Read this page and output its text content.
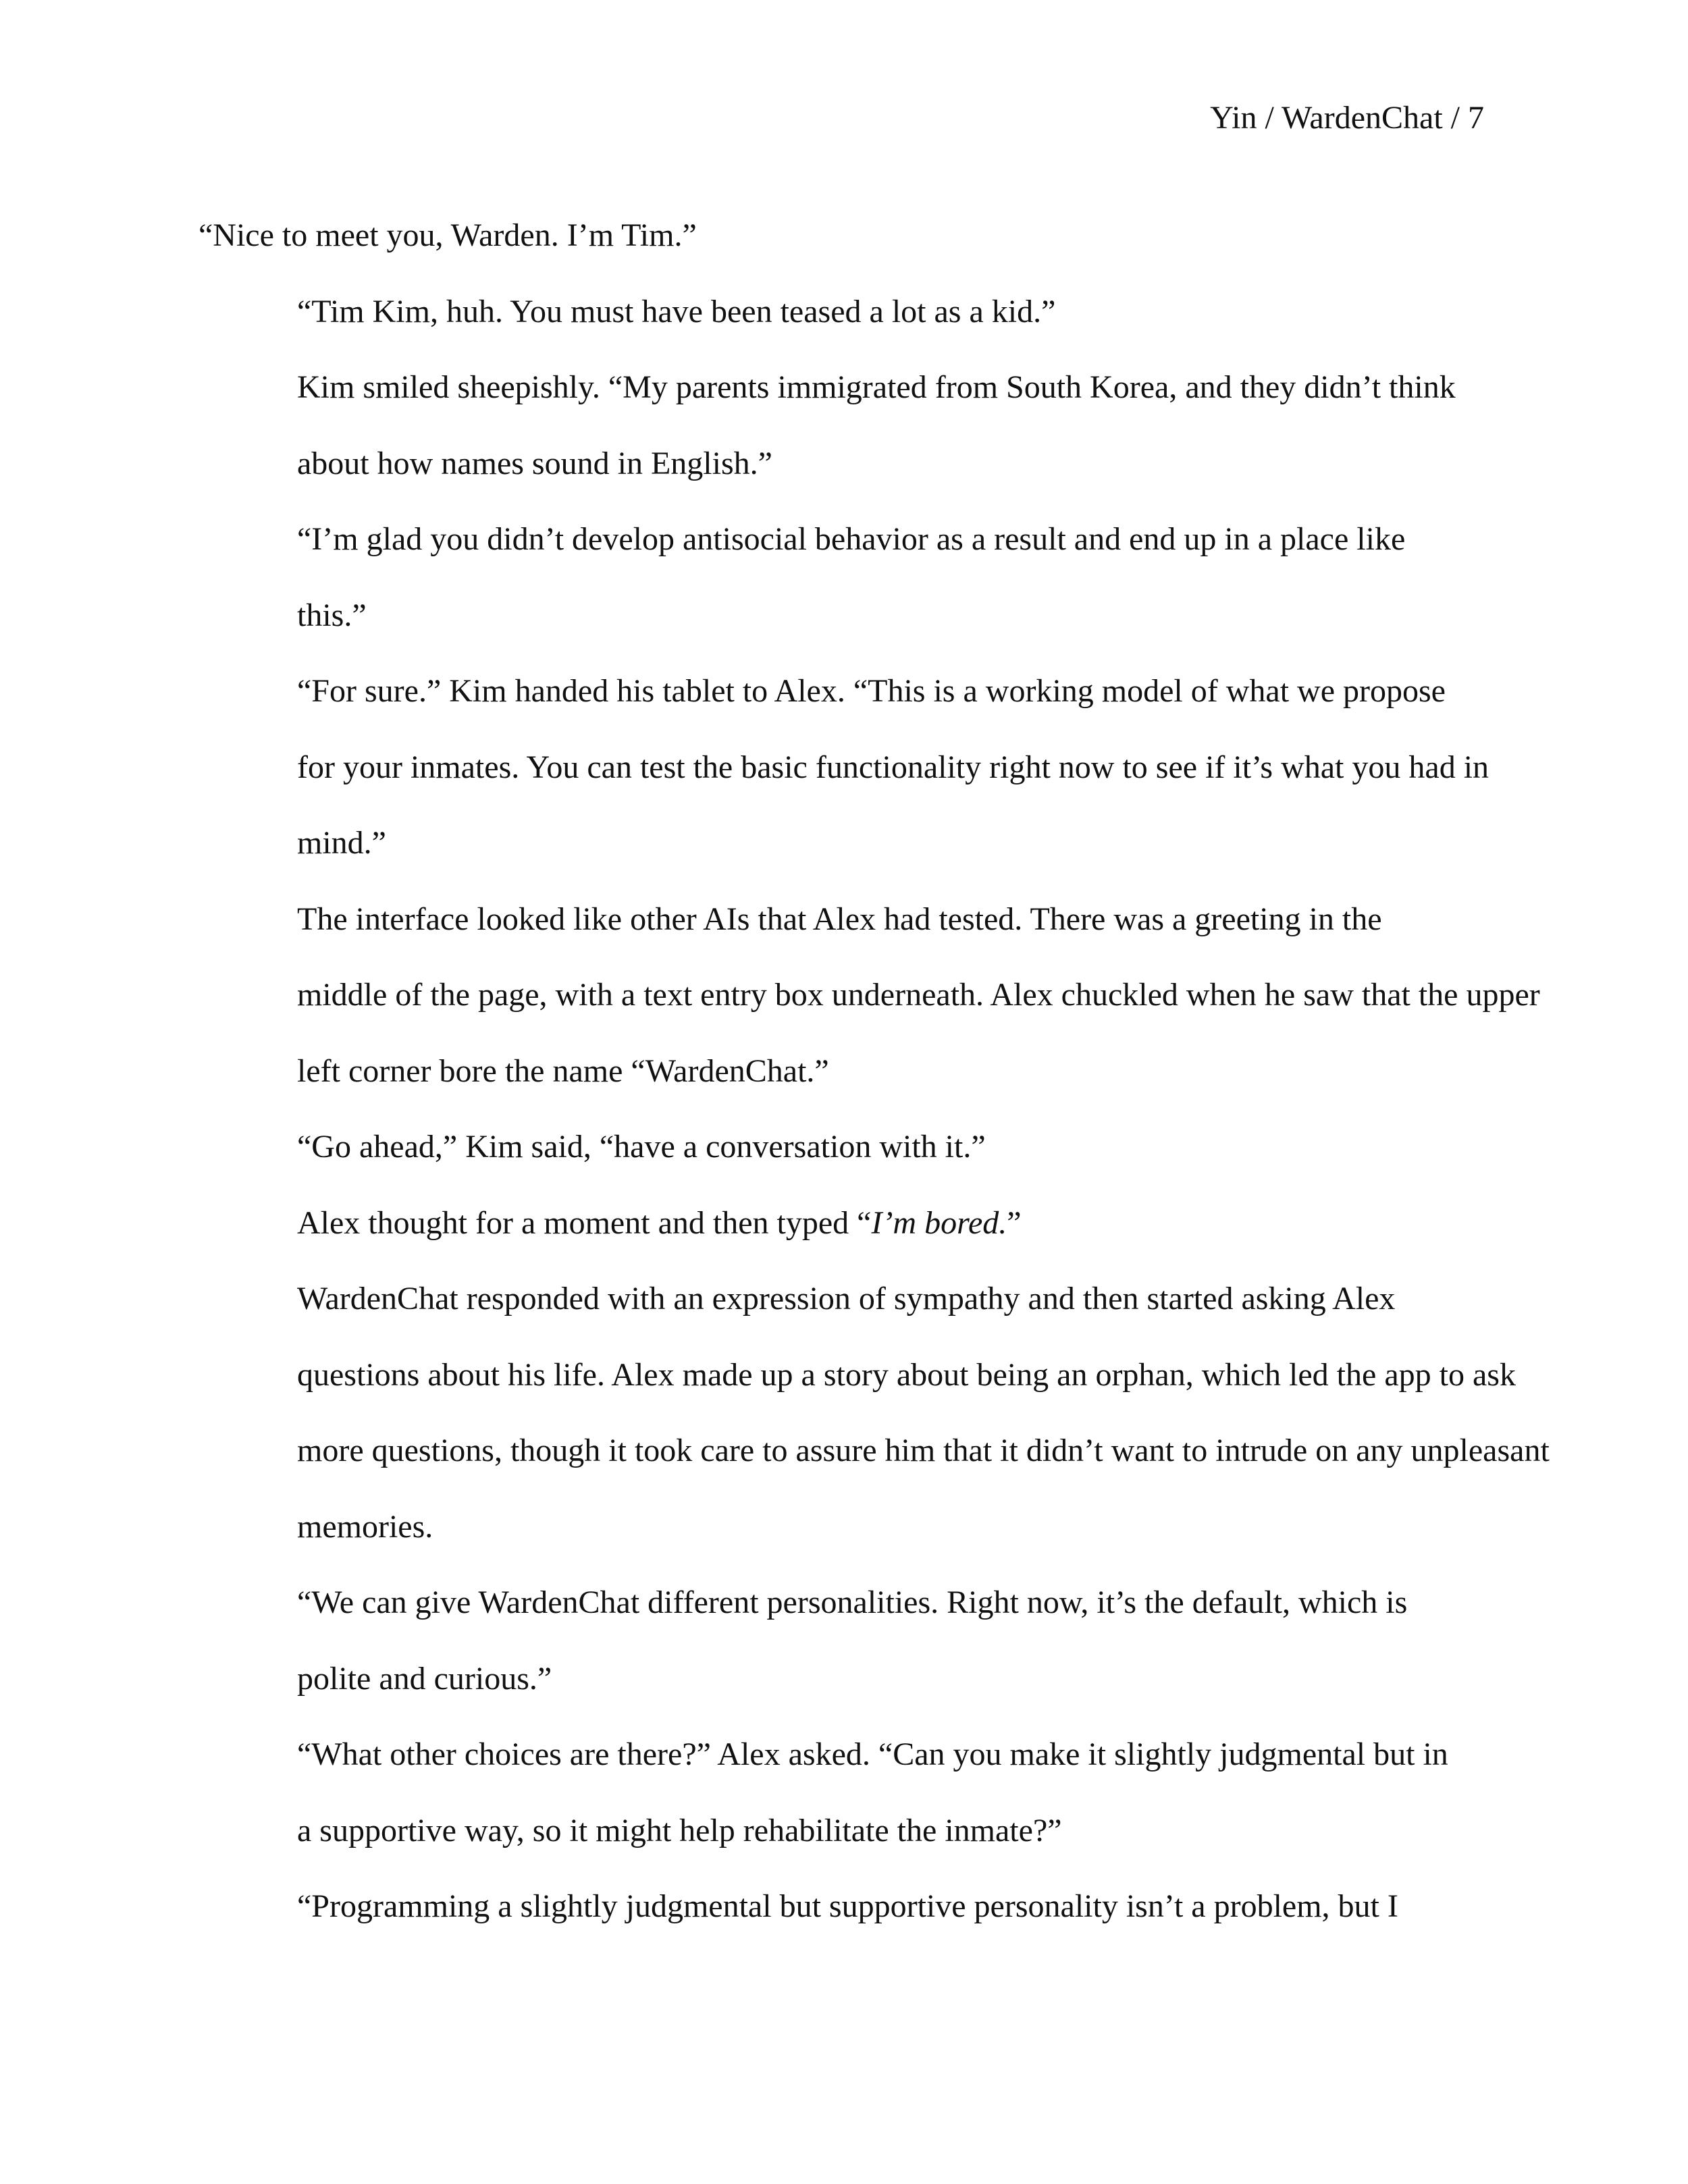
Yin / WardenChat / 7

“Nice to meet you, Warden. I’m Tim.”

“Tim Kim, huh. You must have been teased a lot as a kid.”

Kim smiled sheepishly. “My parents immigrated from South Korea, and they didn’t think
about how names sound in English.”

“I’m glad you didn’t develop antisocial behavior as a result and end up in a place like
this.”

“For sure.” Kim handed his tablet to Alex. “This is a working model of what we propose
for your inmates. You can test the basic functionality right now to see if it’s what you had in
mind.”

The interface looked like other AIs that Alex had tested. There was a greeting in the
middle of the page, with a text entry box underneath. Alex chuckled when he saw that the upper
left corner bore the name “WardenChat.”

“Go ahead,” Kim said, “have a conversation with it.”

Alex thought for a moment and then typed “I’m bored.”

WardenChat responded with an expression of sympathy and then started asking Alex
questions about his life. Alex made up a story about being an orphan, which led the app to ask
more questions, though it took care to assure him that it didn’t want to intrude on any unpleasant
memories.

“We can give WardenChat different personalities. Right now, it’s the default, which is
polite and curious.”

“What other choices are there?” Alex asked. “Can you make it slightly judgmental but in
a supportive way, so it might help rehabilitate the inmate?”

“Programming a slightly judgmental but supportive personality isn’t a problem, but I
